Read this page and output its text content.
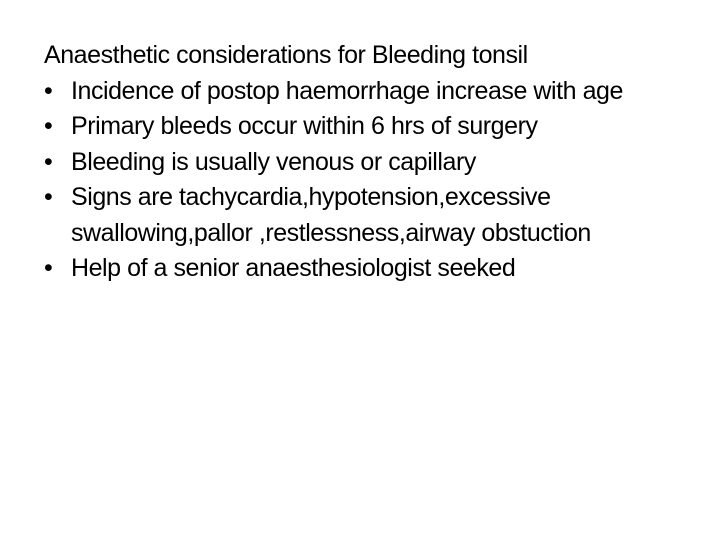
Anaesthetic considerations for Bleeding tonsil
• Incidence of postop haemorrhage increase with age
• Primary bleeds occur within 6 hrs of surgery
• Bleeding is usually venous or capillary
• Signs are tachycardia,hypotension,excessive swallowing,pallor ,restlessness,airway obstuction
• Help of a senior anaesthesiologist seeked
